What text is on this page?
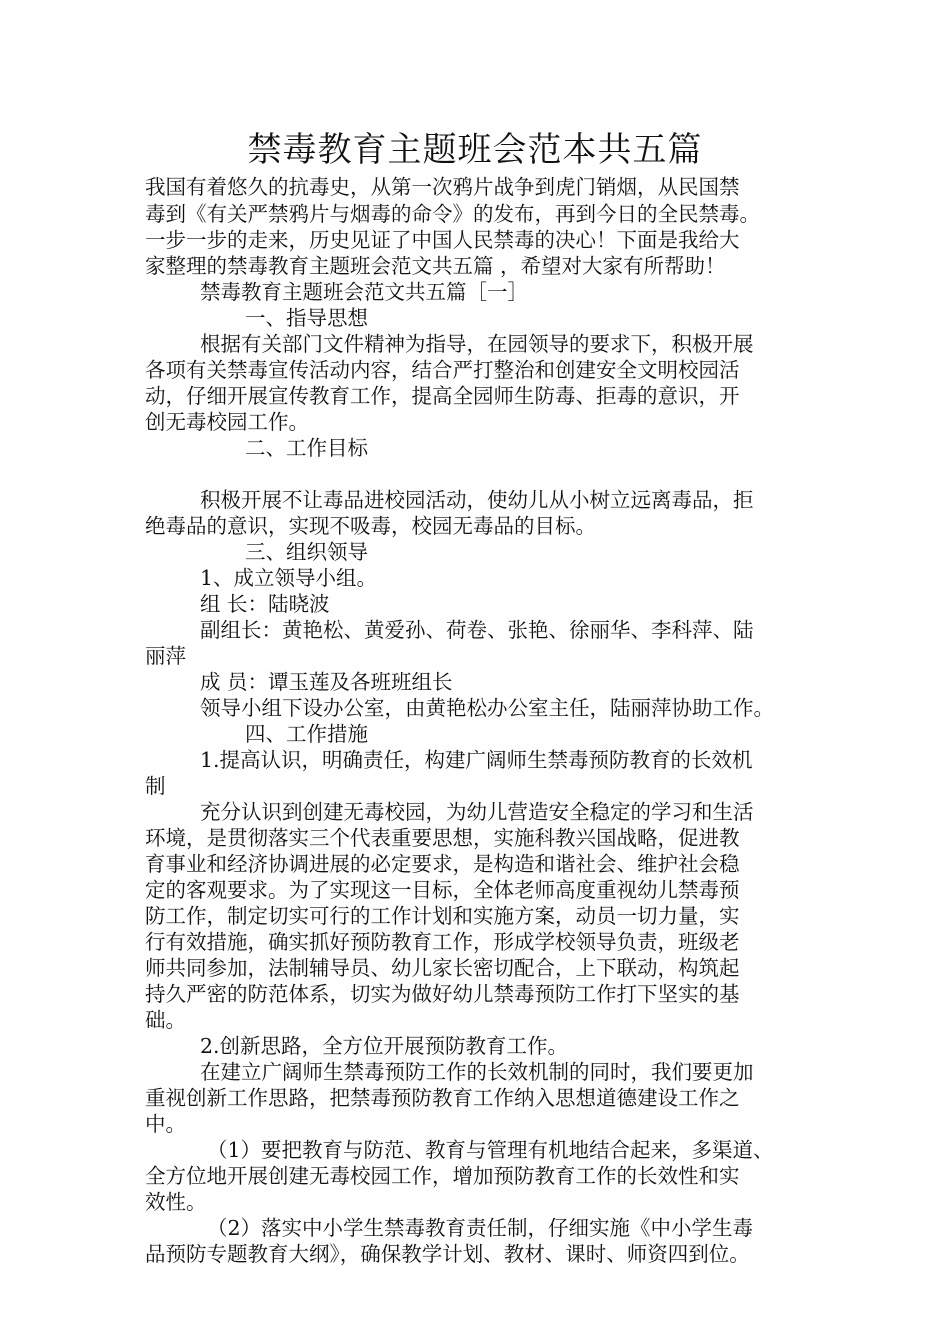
禁毒教育主题班会范本共五篇
我国有着悠久的抗毒史，从第一次鸦片战争到虎门销烟，从民国禁
毒到《有关严禁鸦片与烟毒的命令》的发布，再到今日的全民禁毒。
一步一步的走来，历史见证了中国人民禁毒的决心！下面是我给大
家整理的禁毒教育主题班会范文共五篇 ，希望对大家有所帮助！
禁毒教育主题班会范文共五篇［一］
一、指导思想
根据有关部门文件精神为指导，在园领导的要求下，积极开展
各项有关禁毒宣传活动内容，结合严打整治和创建安全文明校园活
动，仔细开展宣传教育工作，提高全园师生防毒、拒毒的意识，开
创无毒校园工作。
二、工作目标
积极开展不让毒品进校园活动，使幼儿从小树立远离毒品，拒
绝毒品的意识，实现不吸毒，校园无毒品的目标。
三、组织领导
1、成立领导小组。
组 长：陆晓波
副组长：黄艳松、黄爱孙、荷卷、张艳、徐丽华、李科萍、陆
丽萍
成 员：谭玉莲及各班班组长
领导小组下设办公室，由黄艳松办公室主任，陆丽萍协助工作。
四、工作措施
1.提高认识，明确责任，构建广阔师生禁毒预防教育的长效机
制
充分认识到创建无毒校园，为幼儿营造安全稳定的学习和生活
环境，是贯彻落实三个代表重要思想，实施科教兴国战略，促进教
育事业和经济协调进展的必定要求，是构造和谐社会、维护社会稳
定的客观要求。为了实现这一目标，全体老师高度重视幼儿禁毒预
防工作，制定切实可行的工作计划和实施方案，动员一切力量，实
行有效措施，确实抓好预防教育工作，形成学校领导负责，班级老
师共同参加，法制辅导员、幼儿家长密切配合，上下联动，构筑起
持久严密的防范体系，切实为做好幼儿禁毒预防工作打下坚实的基
础。
2.创新思路，全方位开展预防教育工作。
在建立广阔师生禁毒预防工作的长效机制的同时，我们要更加
重视创新工作思路，把禁毒预防教育工作纳入思想道德建设工作之
中。
（1）要把教育与防范、教育与管理有机地结合起来，多渠道、
全方位地开展创建无毒校园工作，增加预防教育工作的长效性和实
效性。
（2）落实中小学生禁毒教育责任制，仔细实施《中小学生毒
品预防专题教育大纲》，确保教学计划、教材、课时、师资四到位。
